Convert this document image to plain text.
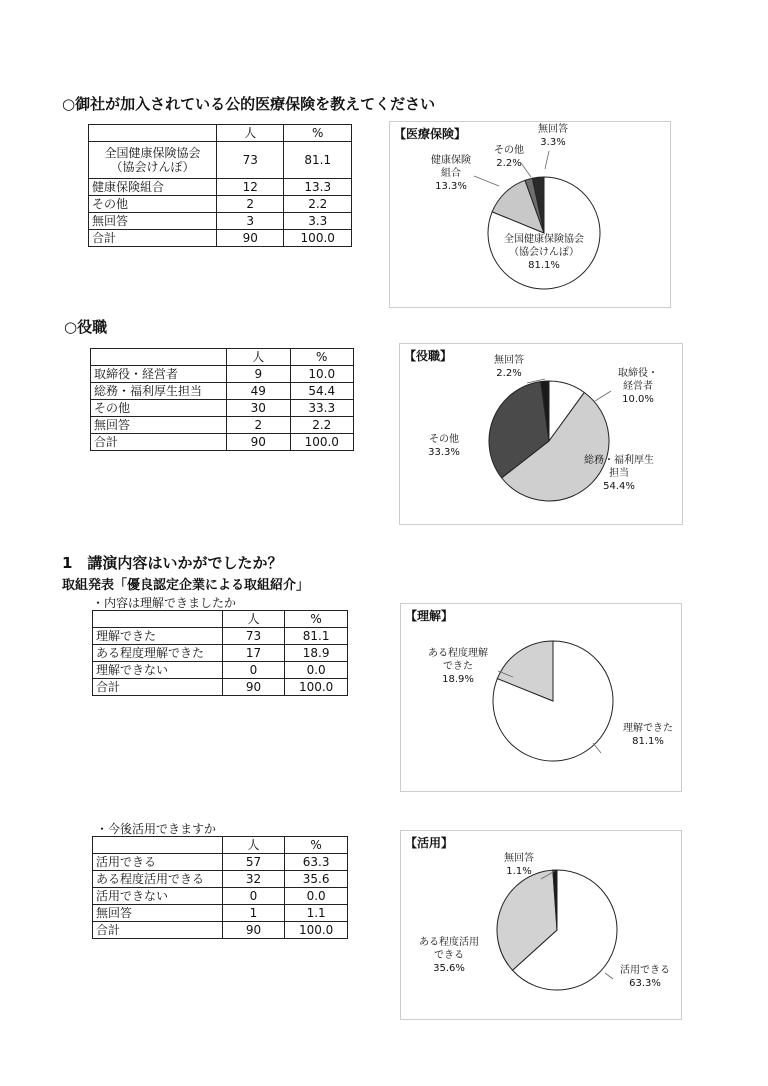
○御社が加入されている公的医療保険を教えてください
	人	%
全国健康保険協会
（協会けんぽ）	73	81.1
健康保険組合	12	13.3
その他	2	2.2
無回答	3	3.3
合計	90	100.0
【医療保険】
全国健康保険協会（協会けんぽ） 81.1%
健康保険組合 13.3%
その他 2.2%
無回答 3.3%
○役職
	人	%
取締役・経営者	9	10.0
総務・福利厚生担当	49	54.4
その他	30	33.3
無回答	2	2.2
合計	90	100.0
【役職】
取締役・経営者 10.0%
総務・福利厚生担当 54.4%
その他 33.3%
無回答 2.2%
1　講演内容はいかがでしたか？
取組発表「優良認定企業による取組紹介」
・内容は理解できましたか
	人	%
理解できた	73	81.1
ある程度理解できた	17	18.9
理解できない	0	0.0
合計	90	100.0
【理解】
理解できた 81.1%
ある程度理解できた 18.9%
・今後活用できますか
	人	%
活用できる	57	63.3
ある程度活用できる	32	35.6
活用できない	0	0.0
無回答	1	1.1
合計	90	100.0
【活用】
活用できる 63.3%
ある程度活用できる 35.6%
無回答 1.1%
